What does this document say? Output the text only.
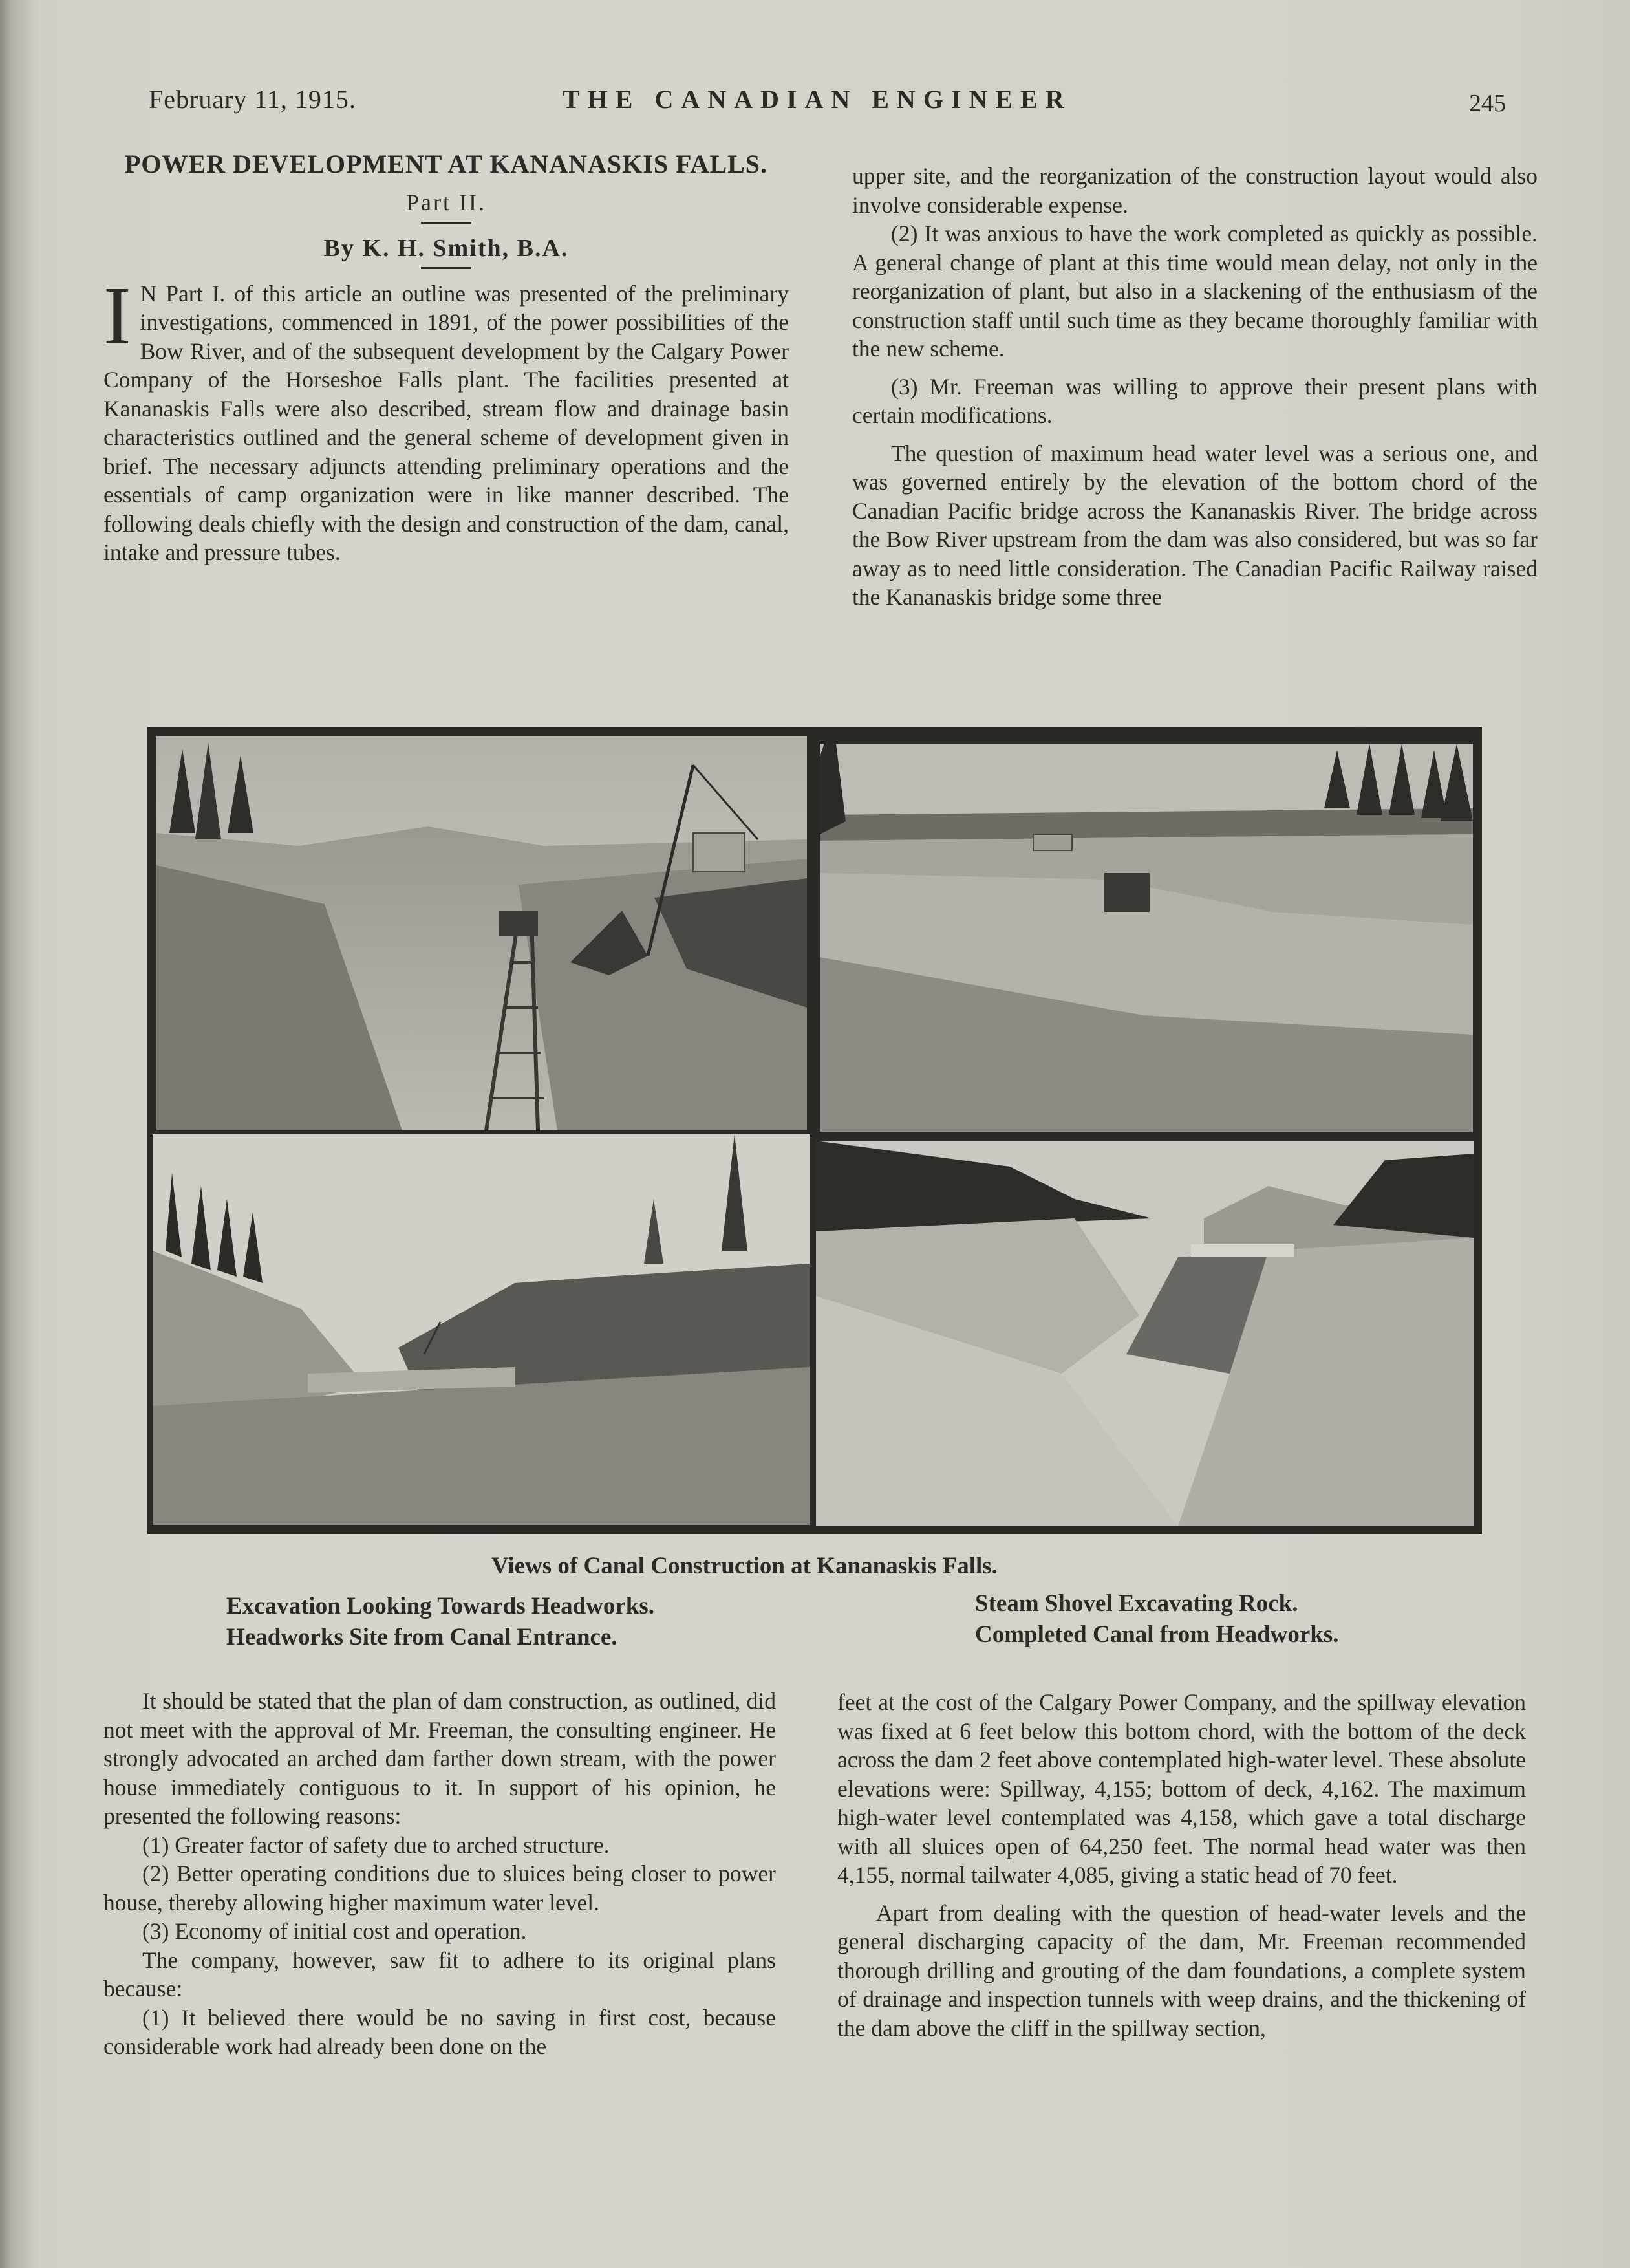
February 11, 1915.	THE CANADIAN ENGINEER	245
POWER DEVELOPMENT AT KANANASKIS FALLS.
Part II.
By K. H. Smith, B.A.
I N Part I. of this article an outline was presented of the preliminary investigations, commenced in 1891, of the power possibilities of the Bow River, and of the subsequent development by the Calgary Power Company of the Horseshoe Falls plant. The facilities presented at Kananaskis Falls were also described, stream flow and drainage basin characteristics outlined and the general scheme of development given in brief. The necessary adjuncts attending preliminary operations and the essentials of camp organization were in like manner described. The following deals chiefly with the design and construction of the dam, canal, intake and pressure tubes.

upper site, and the reorganization of the construction layout would also involve considerable expense.

(2) It was anxious to have the work completed as quickly as possible. A general change of plant at this time would mean delay, not only in the reorganization of plant, but also in a slackening of the enthusiasm of the construction staff until such time as they became thoroughly familiar with the new scheme.

(3) Mr. Freeman was willing to approve their present plans with certain modifications.

The question of maximum head water level was a serious one, and was governed entirely by the elevation of the bottom chord of the Canadian Pacific bridge across the Kananaskis River. The bridge across the Bow River upstream from the dam was also considered, but was so far away as to need little consideration. The Canadian Pacific Railway raised the Kananaskis bridge some three

Views of Canal Construction at Kananaskis Falls.
Excavation Looking Towards Headworks.
Headworks Site from Canal Entrance.
Steam Shovel Excavating Rock.
Completed Canal from Headworks.

It should be stated that the plan of dam construction, as outlined, did not meet with the approval of Mr. Freeman, the consulting engineer. He strongly advocated an arched dam farther down stream, with the power house immediately contiguous to it. In support of his opinion, he presented the following reasons:

(1) Greater factor of safety due to arched structure.

(2) Better operating conditions due to sluices being closer to power house, thereby allowing higher maximum water level.

(3) Economy of initial cost and operation.

The company, however, saw fit to adhere to its original plans because:

(1) It believed there would be no saving in first cost, because considerable work had already been done on the

feet at the cost of the Calgary Power Company, and the spillway elevation was fixed at 6 feet below this bottom chord, with the bottom of the deck across the dam 2 feet above contemplated high-water level. These absolute elevations were: Spillway, 4,155; bottom of deck, 4,162. The maximum high-water level contemplated was 4,158, which gave a total discharge with all sluices open of 64,250 feet. The normal head water was then 4,155, normal tailwater 4,085, giving a static head of 70 feet.

Apart from dealing with the question of head-water levels and the general discharging capacity of the dam, Mr. Freeman recommended thorough drilling and grouting of the dam foundations, a complete system of drainage and inspection tunnels with weep drains, and the thickening of the dam above the cliff in the spillway section,
